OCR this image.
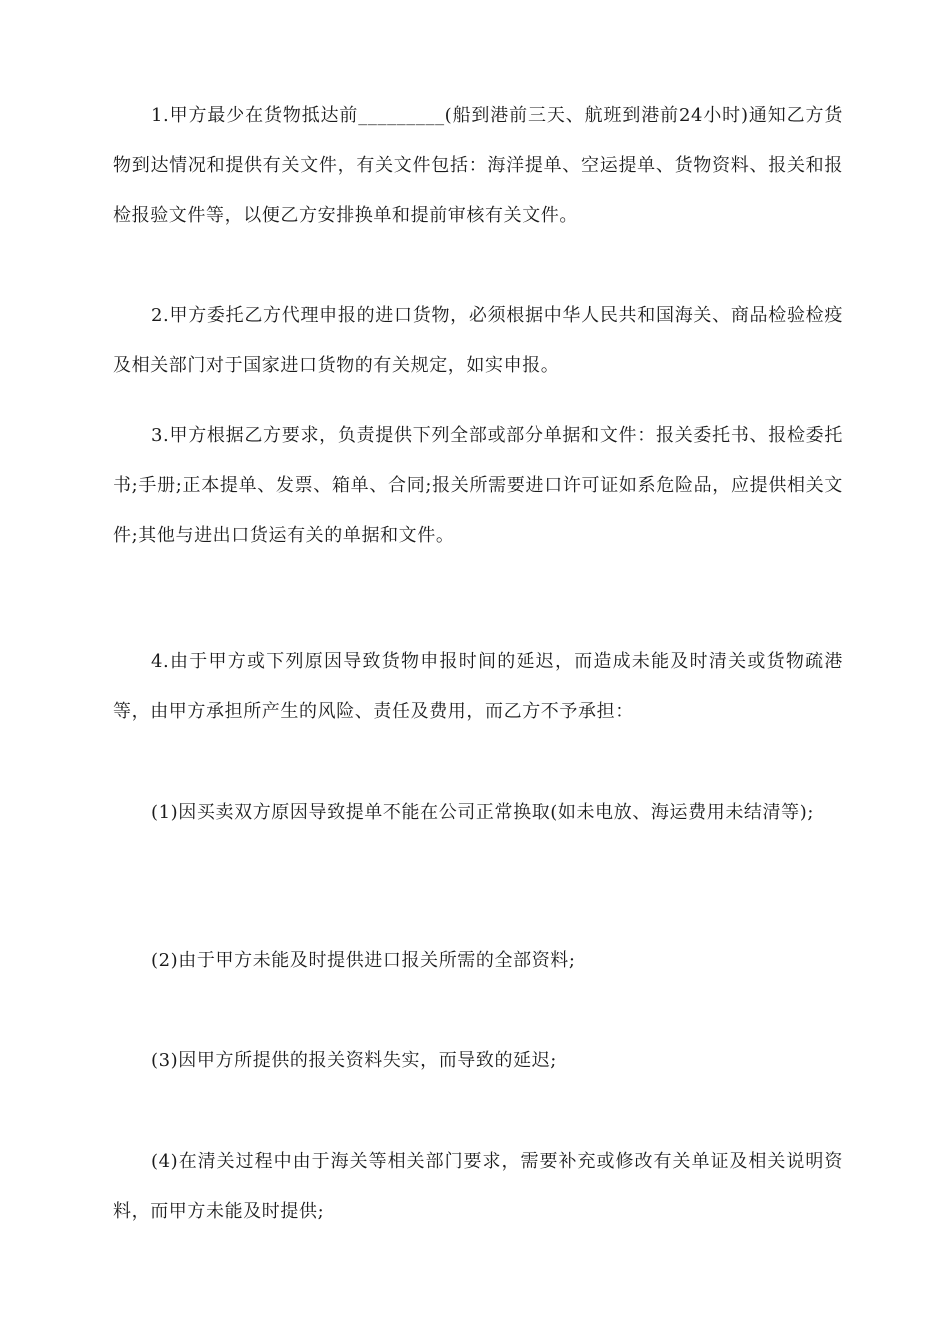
1.甲方最少在货物抵达前_________(船到港前三天、航班到港前24小时)通知乙方货物到达情况和提供有关文件，有关文件包括：海洋提单、空运提单、货物资料、报关和报检报验文件等，以便乙方安排换单和提前审核有关文件。

2.甲方委托乙方代理申报的进口货物，必须根据中华人民共和国海关、商品检验检疫及相关部门对于国家进口货物的有关规定，如实申报。

3.甲方根据乙方要求，负责提供下列全部或部分单据和文件：报关委托书、报检委托书;手册;正本提单、发票、箱单、合同;报关所需要进口许可证如系危险品，应提供相关文件;其他与进出口货运有关的单据和文件。

4.由于甲方或下列原因导致货物申报时间的延迟，而造成未能及时清关或货物疏港等，由甲方承担所产生的风险、责任及费用，而乙方不予承担：

(1)因买卖双方原因导致提单不能在公司正常换取(如未电放、海运费用未结清等);

(2)由于甲方未能及时提供进口报关所需的全部资料;

(3)因甲方所提供的报关资料失实，而导致的延迟;

(4)在清关过程中由于海关等相关部门要求，需要补充或修改有关单证及相关说明资料，而甲方未能及时提供;
